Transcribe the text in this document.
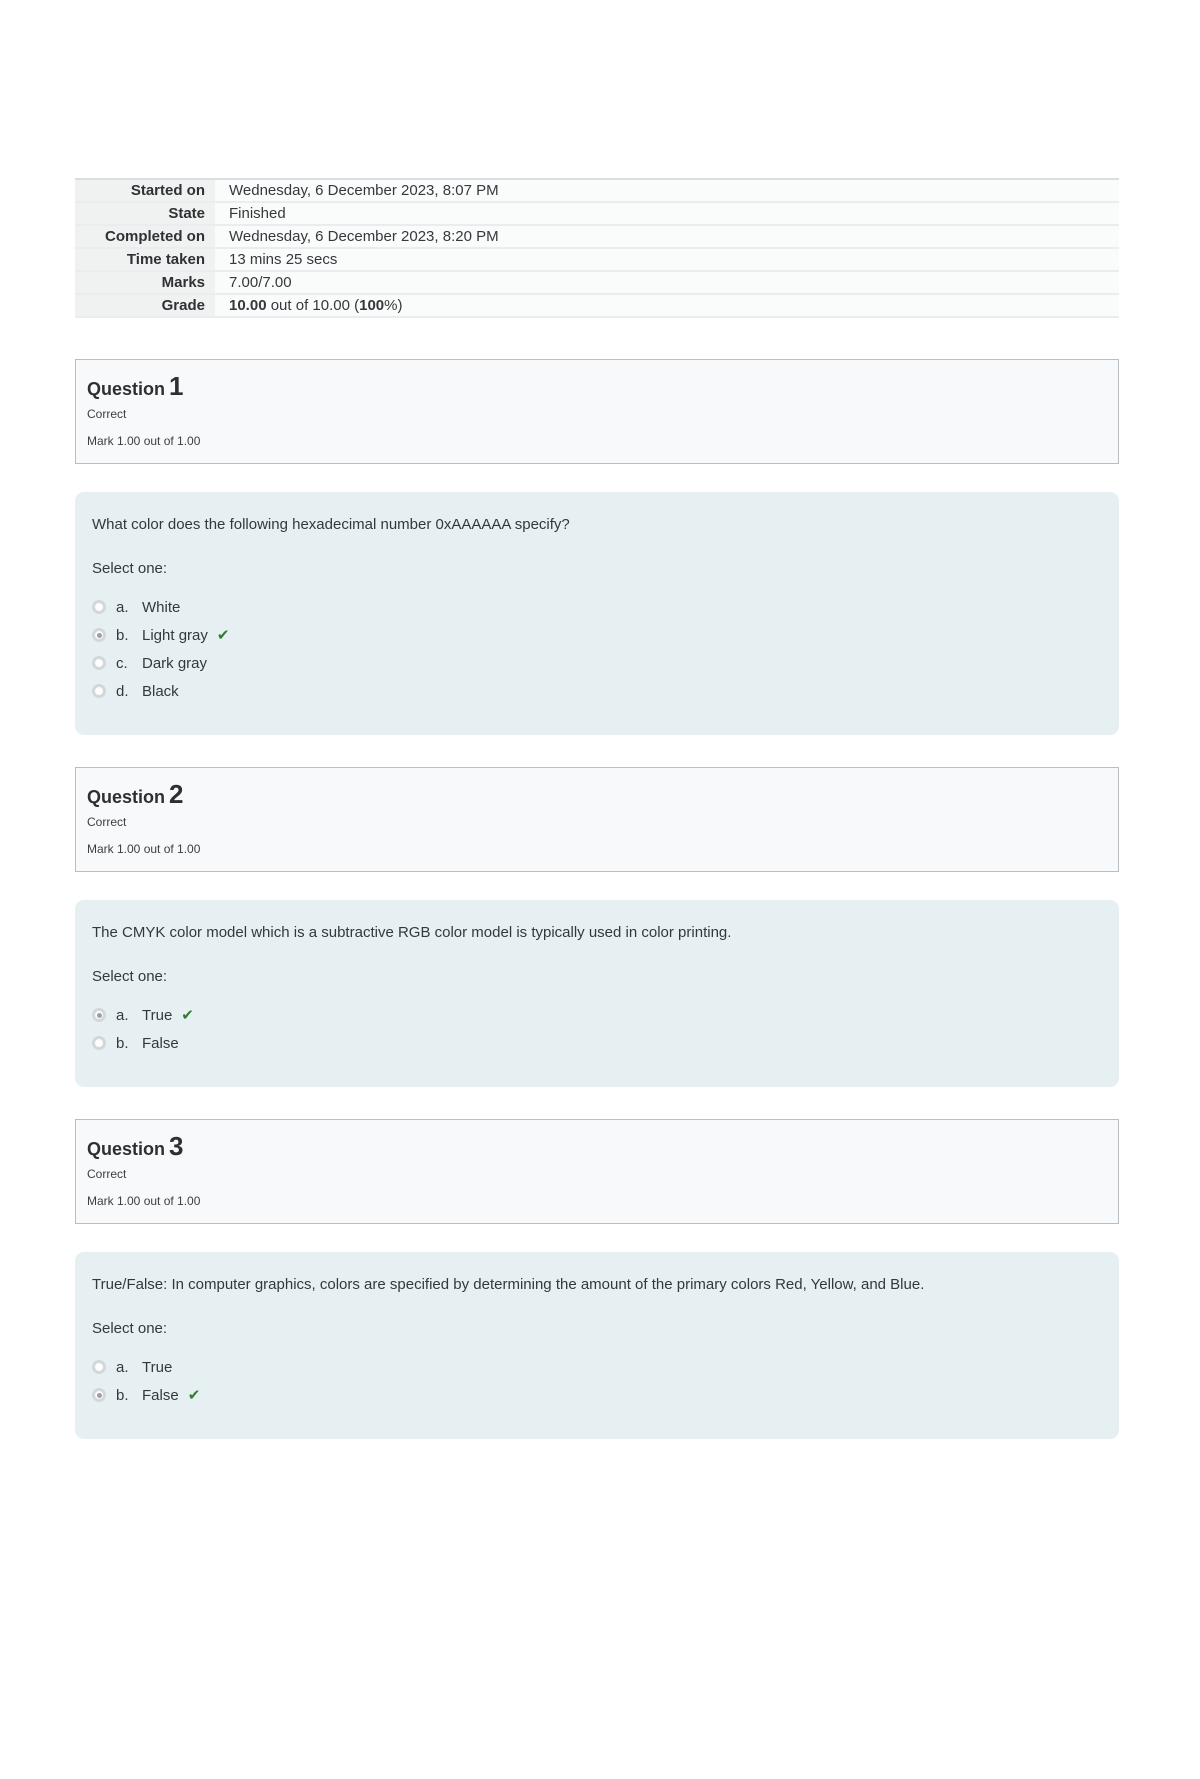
Started on	Wednesday, 6 December 2023, 8:07 PM
State	Finished
Completed on	Wednesday, 6 December 2023, 8:20 PM
Time taken	13 mins 25 secs
Marks	7.00/7.00
Grade	10.00 out of 10.00 (100%)
Question 1
Correct
Mark 1.00 out of 1.00

What color does the following hexadecimal number 0xAAAAAA specify?

Select one:

a. White
b. Light gray ✔
c. Dark gray
d. Black
Question 2
Correct
Mark 1.00 out of 1.00

The CMYK color model which is a subtractive RGB color model is typically used in color printing.

Select one:

a. True ✔
b. False
Question 3
Correct
Mark 1.00 out of 1.00

True/False: In computer graphics, colors are specified by determining the amount of the primary colors Red, Yellow, and Blue.

Select one:

a. True
b. False ✔
